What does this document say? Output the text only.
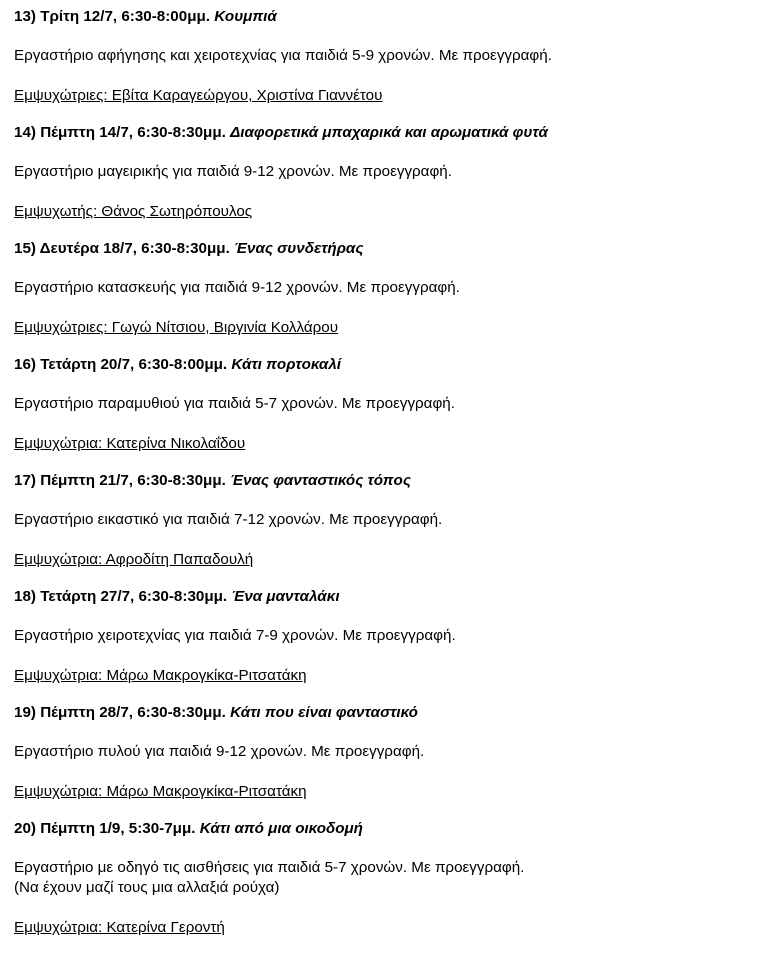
13) Τρίτη 12/7, 6:30-8:00μμ. Κουμπιά
Εργαστήριο αφήγησης και χειροτεχνίας για παιδιά 5-9 χρονών. Με προεγγραφή.
Εμψυχώτριες: Εβίτα Καραγεώργου, Χριστίνα Γιαννέτου
14) Πέμπτη 14/7, 6:30-8:30μμ. Διαφορετικά μπαχαρικά και αρωματικά φυτά
Εργαστήριο μαγειρικής για παιδιά 9-12 χρονών. Με προεγγραφή.
Εμψυχωτής: Θάνος Σωτηρόπουλος
15) Δευτέρα 18/7, 6:30-8:30μμ. Ένας συνδετήρας
Εργαστήριο κατασκευής για παιδιά 9-12 χρονών. Με προεγγραφή.
Εμψυχώτριες: Γωγώ Νίτσιου, Βιργινία Κολλάρου
16) Τετάρτη 20/7, 6:30-8:00μμ. Κάτι πορτοκαλί
Εργαστήριο παραμυθιού για παιδιά 5-7 χρονών. Με προεγγραφή.
Εμψυχώτρια: Κατερίνα Νικολαΐδου
17) Πέμπτη 21/7, 6:30-8:30μμ. Ένας φανταστικός τόπος
Εργαστήριο εικαστικό για παιδιά 7-12 χρονών. Με προεγγραφή.
Εμψυχώτρια: Αφροδίτη Παπαδουλή
18) Τετάρτη 27/7, 6:30-8:30μμ. Ένα μανταλάκι
Εργαστήριο χειροτεχνίας για παιδιά 7-9 χρονών. Με προεγγραφή.
Εμψυχώτρια: Μάρω Μακρογκίκα-Ριτσατάκη
19) Πέμπτη 28/7, 6:30-8:30μμ. Κάτι που είναι φανταστικό
Εργαστήριο πυλού για παιδιά 9-12 χρονών. Με προεγγραφή.
Εμψυχώτρια: Μάρω Μακρογκίκα-Ριτσατάκη
20) Πέμπτη 1/9, 5:30-7μμ. Κάτι από μια οικοδομή
Εργαστήριο με οδηγό τις αισθήσεις για παιδιά 5-7 χρονών. Με προεγγραφή.
(Να έχουν μαζί τους μια αλλαξιά ρούχα)
Εμψυχώτρια: Κατερίνα Γεροντή
